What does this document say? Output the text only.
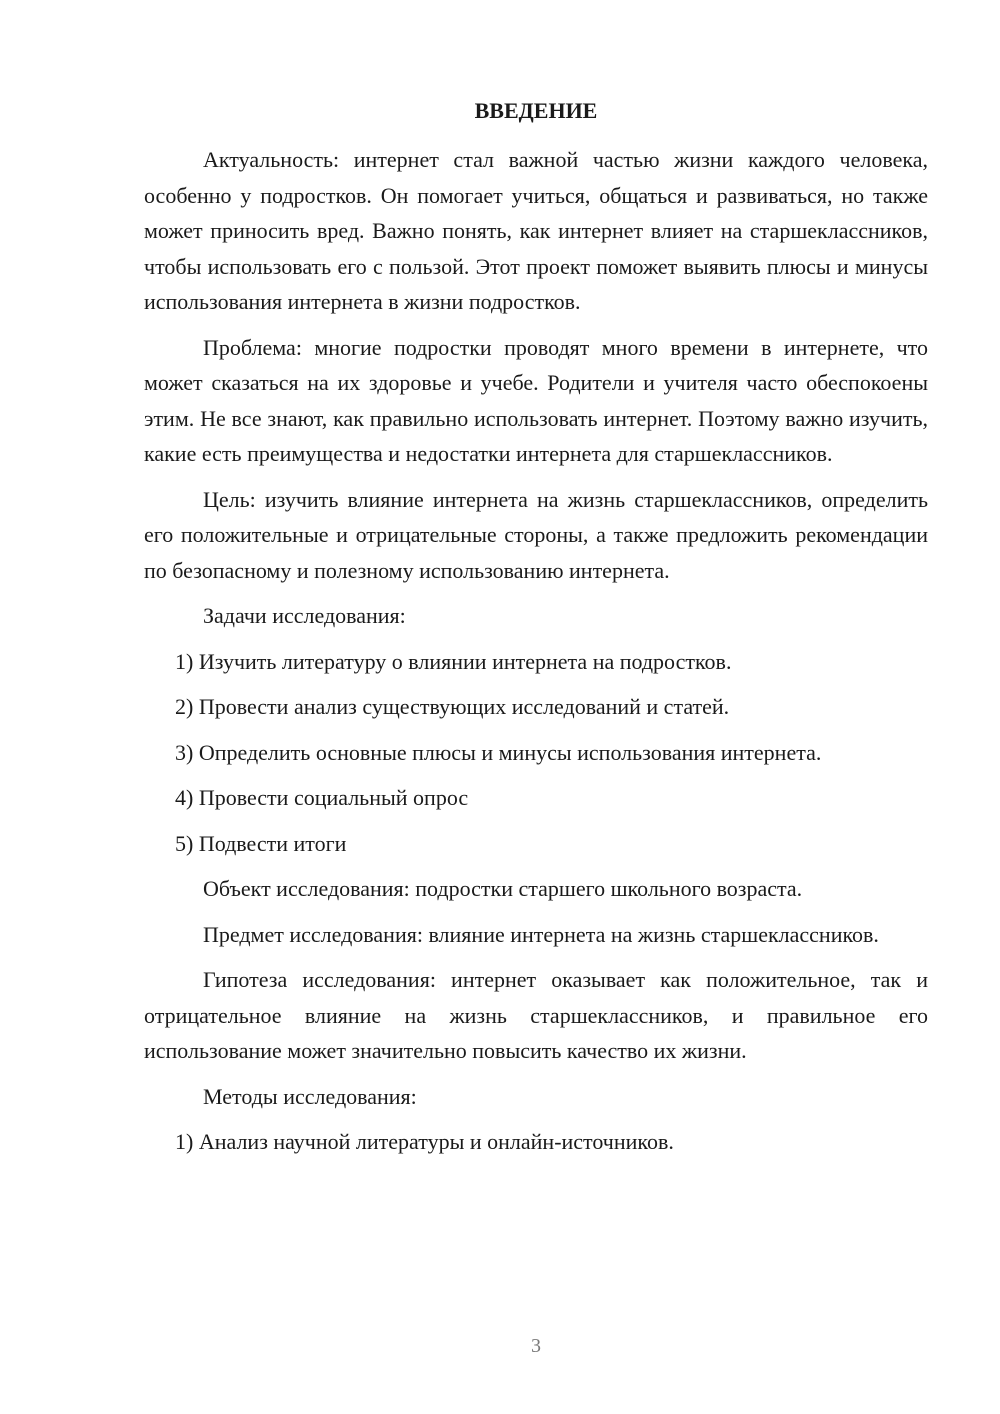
ВВЕДЕНИЕ

Актуальность: интернет стал важной частью жизни каждого человека, особенно у подростков. Он помогает учиться, общаться и развиваться, но также может приносить вред. Важно понять, как интернет влияет на старшеклассников, чтобы использовать его с пользой. Этот проект поможет выявить плюсы и минусы использования интернета в жизни подростков.

Проблема: многие подростки проводят много времени в интернете, что может сказаться на их здоровье и учебе. Родители и учителя часто обеспокоены этим. Не все знают, как правильно использовать интернет. Поэтому важно изучить, какие есть преимущества и недостатки интернета для старшеклассников.

Цель: изучить влияние интернета на жизнь старшеклассников, определить его положительные и отрицательные стороны, а также предложить рекомендации по безопасному и полезному использованию интернета.

Задачи исследования:

1) Изучить литературу о влиянии интернета на подростков.

2) Провести анализ существующих исследований и статей.

3) Определить основные плюсы и минусы использования интернета.

4) Провести социальный опрос

5) Подвести итоги

Объект исследования: подростки старшего школьного возраста.

Предмет исследования: влияние интернета на жизнь старшеклассников.

Гипотеза исследования: интернет оказывает как положительное, так и отрицательное влияние на жизнь старшеклассников, и правильное его использование может значительно повысить качество их жизни.

Методы исследования:

1) Анализ научной литературы и онлайн-источников.

3
